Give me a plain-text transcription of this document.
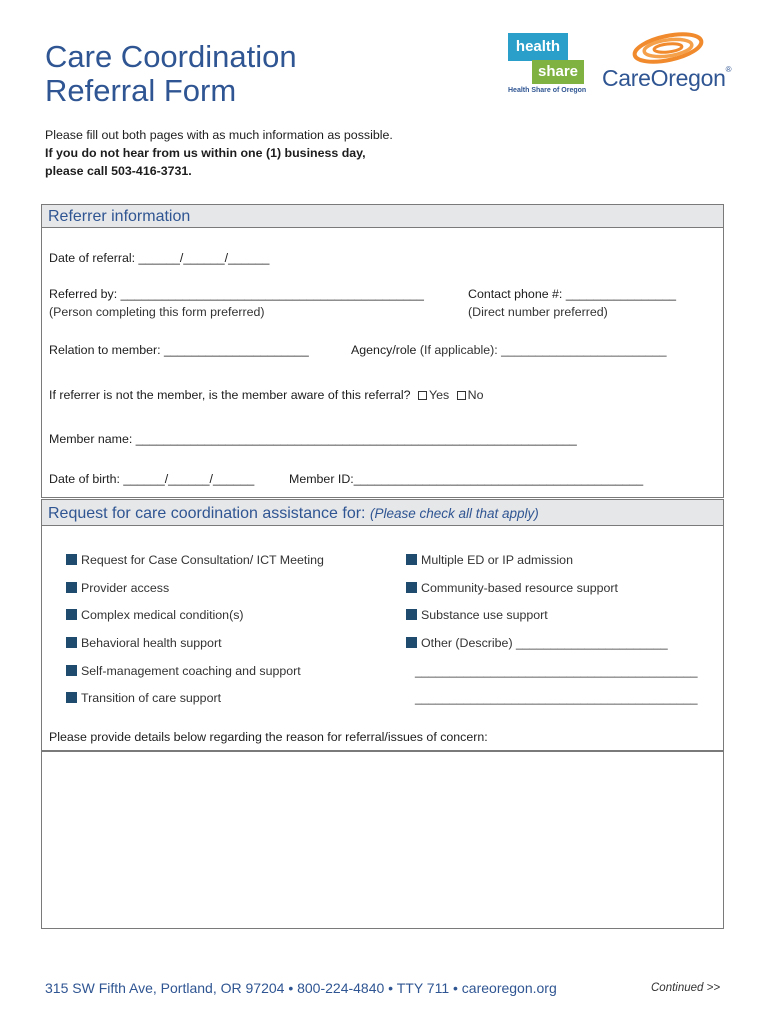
Care Coordination
Referral Form
health
share
Health Share of Oregon CareOregon®
Please fill out both pages with as much information as possible.
If you do not hear from us within one (1) business day,
please call 503-416-3731.
Referrer information
Date of referral: ______/______/______
Referred by: ____________________________________________
(Person completing this form preferred)
Contact phone #: ________________
(Direct number preferred)
Relation to member: _____________________	Agency/role (If applicable): ________________________
If referrer is not the member, is the member aware of this referral? Yes No
Member name: ________________________________________________________________
Date of birth: ______/______/______	Member ID:__________________________________________
Request for care coordination assistance for: (Please check all that apply)
Request for Case Consultation/ ICT Meeting
Provider access
Complex medical condition(s)
Behavioral health support
Self-management coaching and support
Transition of care support
Multiple ED or IP admission
Community-based resource support
Substance use support
Other (Describe) ______________________
_________________________________________
_________________________________________
Please provide details below regarding the reason for referral/issues of concern:
315 SW Fifth Ave, Portland, OR 97204 • 800-224-4840 • TTY 711 • careoregon.org	Continued >>
